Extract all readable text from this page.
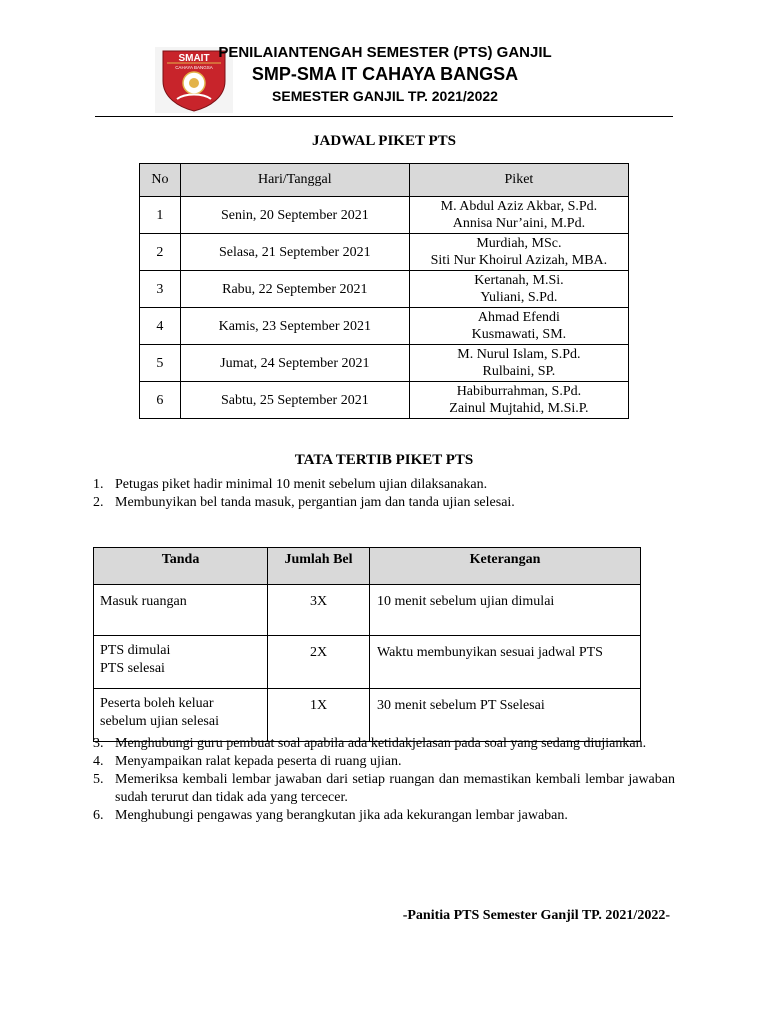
SMAIT
CAHAYA BANGSA
PENILAIANTENGAH SEMESTER (PTS) GANJIL
SMP-SMA IT CAHAYA BANGSA
SEMESTER GANJIL TP. 2021/2022
JADWAL PIKET PTS
No	Hari/Tanggal	Piket
1	Senin, 20 September 2021	M. Abdul Aziz Akbar, S.Pd.
Annisa Nur’aini, M.Pd.

2	Selasa, 21 September 2021	Murdiah, MSc.
Siti Nur Khoirul Azizah, MBA.

3	Rabu, 22 September 2021	Kertanah, M.Si.
Yuliani, S.Pd.

4	Kamis, 23 September 2021	Ahmad Efendi
Kusmawati, SM.

5	Jumat, 24 September 2021	M. Nurul Islam, S.Pd.
Rulbaini, SP.

6	Sabtu, 25 September 2021	Habiburrahman, S.Pd.
Zainul Mujtahid, M.Si.P.
TATA TERTIB PIKET PTS
1. Petugas piket hadir minimal 10 menit sebelum ujian dilaksanakan.
2. Membunyikan bel tanda masuk, pergantian jam dan tanda ujian selesai.
Tanda	Jumlah Bel	Keterangan

Masuk ruangan	3X	10 menit sebelum ujian dimulai

PTS dimulai
PTS selesai	2X	Waktu membunyikan sesuai jadwal PTS

Peserta boleh keluar
sebelum ujian selesai	1X	30 menit sebelum PT Sselesai
3. Menghubungi guru pembuat soal apabila ada ketidakjelasan pada soal yang sedang diujiankan.
4. Menyampaikan ralat kepada peserta di ruang ujian.
5. Memeriksa kembali lembar jawaban dari setiap ruangan dan memastikan kembali lembar jawaban sudah terurut dan tidak ada yang tercecer.
6. Menghubungi pengawas yang berangkutan jika ada kekurangan lembar jawaban.
-Panitia PTS Semester Ganjil TP. 2021/2022-
